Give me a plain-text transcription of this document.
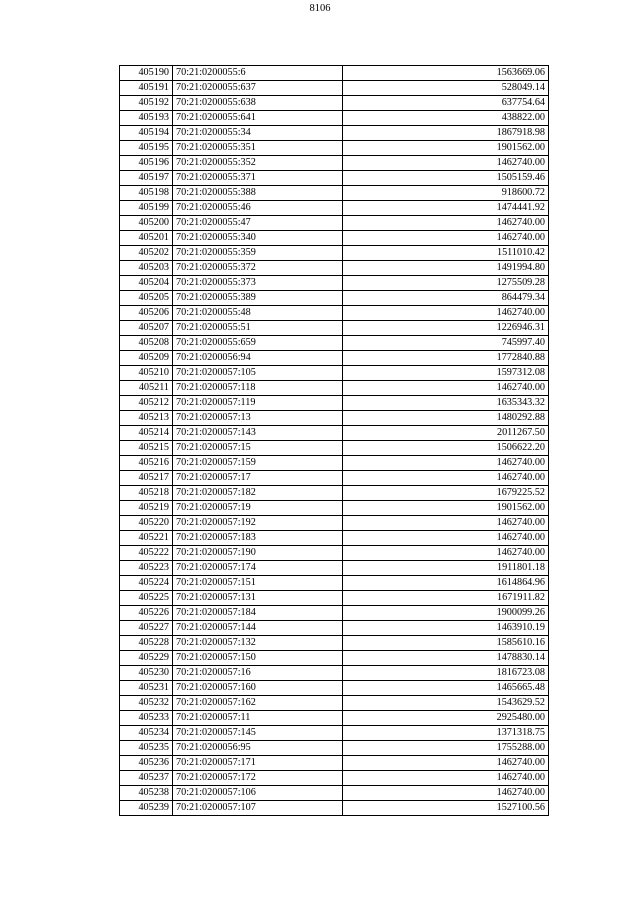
8106
405190	70:21:0200055:6	1563669.06
405191	70:21:0200055:637	528049.14
405192	70:21:0200055:638	637754.64
405193	70:21:0200055:641	438822.00
405194	70:21:0200055:34	1867918.98
405195	70:21:0200055:351	1901562.00
405196	70:21:0200055:352	1462740.00
405197	70:21:0200055:371	1505159.46
405198	70:21:0200055:388	918600.72
405199	70:21:0200055:46	1474441.92
405200	70:21:0200055:47	1462740.00
405201	70:21:0200055:340	1462740.00
405202	70:21:0200055:359	1511010.42
405203	70:21:0200055:372	1491994.80
405204	70:21:0200055:373	1275509.28
405205	70:21:0200055:389	864479.34
405206	70:21:0200055:48	1462740.00
405207	70:21:0200055:51	1226946.31
405208	70:21:0200055:659	745997.40
405209	70:21:0200056:94	1772840.88
405210	70:21:0200057:105	1597312.08
405211	70:21:0200057:118	1462740.00
405212	70:21:0200057:119	1635343.32
405213	70:21:0200057:13	1480292.88
405214	70:21:0200057:143	2011267.50
405215	70:21:0200057:15	1506622.20
405216	70:21:0200057:159	1462740.00
405217	70:21:0200057:17	1462740.00
405218	70:21:0200057:182	1679225.52
405219	70:21:0200057:19	1901562.00
405220	70:21:0200057:192	1462740.00
405221	70:21:0200057:183	1462740.00
405222	70:21:0200057:190	1462740.00
405223	70:21:0200057:174	1911801.18
405224	70:21:0200057:151	1614864.96
405225	70:21:0200057:131	1671911.82
405226	70:21:0200057:184	1900099.26
405227	70:21:0200057:144	1463910.19
405228	70:21:0200057:132	1585610.16
405229	70:21:0200057:150	1478830.14
405230	70:21:0200057:16	1816723.08
405231	70:21:0200057:160	1465665.48
405232	70:21:0200057:162	1543629.52
405233	70:21:0200057:11	2925480.00
405234	70:21:0200057:145	1371318.75
405235	70:21:0200056:95	1755288.00
405236	70:21:0200057:171	1462740.00
405237	70:21:0200057:172	1462740.00
405238	70:21:0200057:106	1462740.00
405239	70:21:0200057:107	1527100.56
